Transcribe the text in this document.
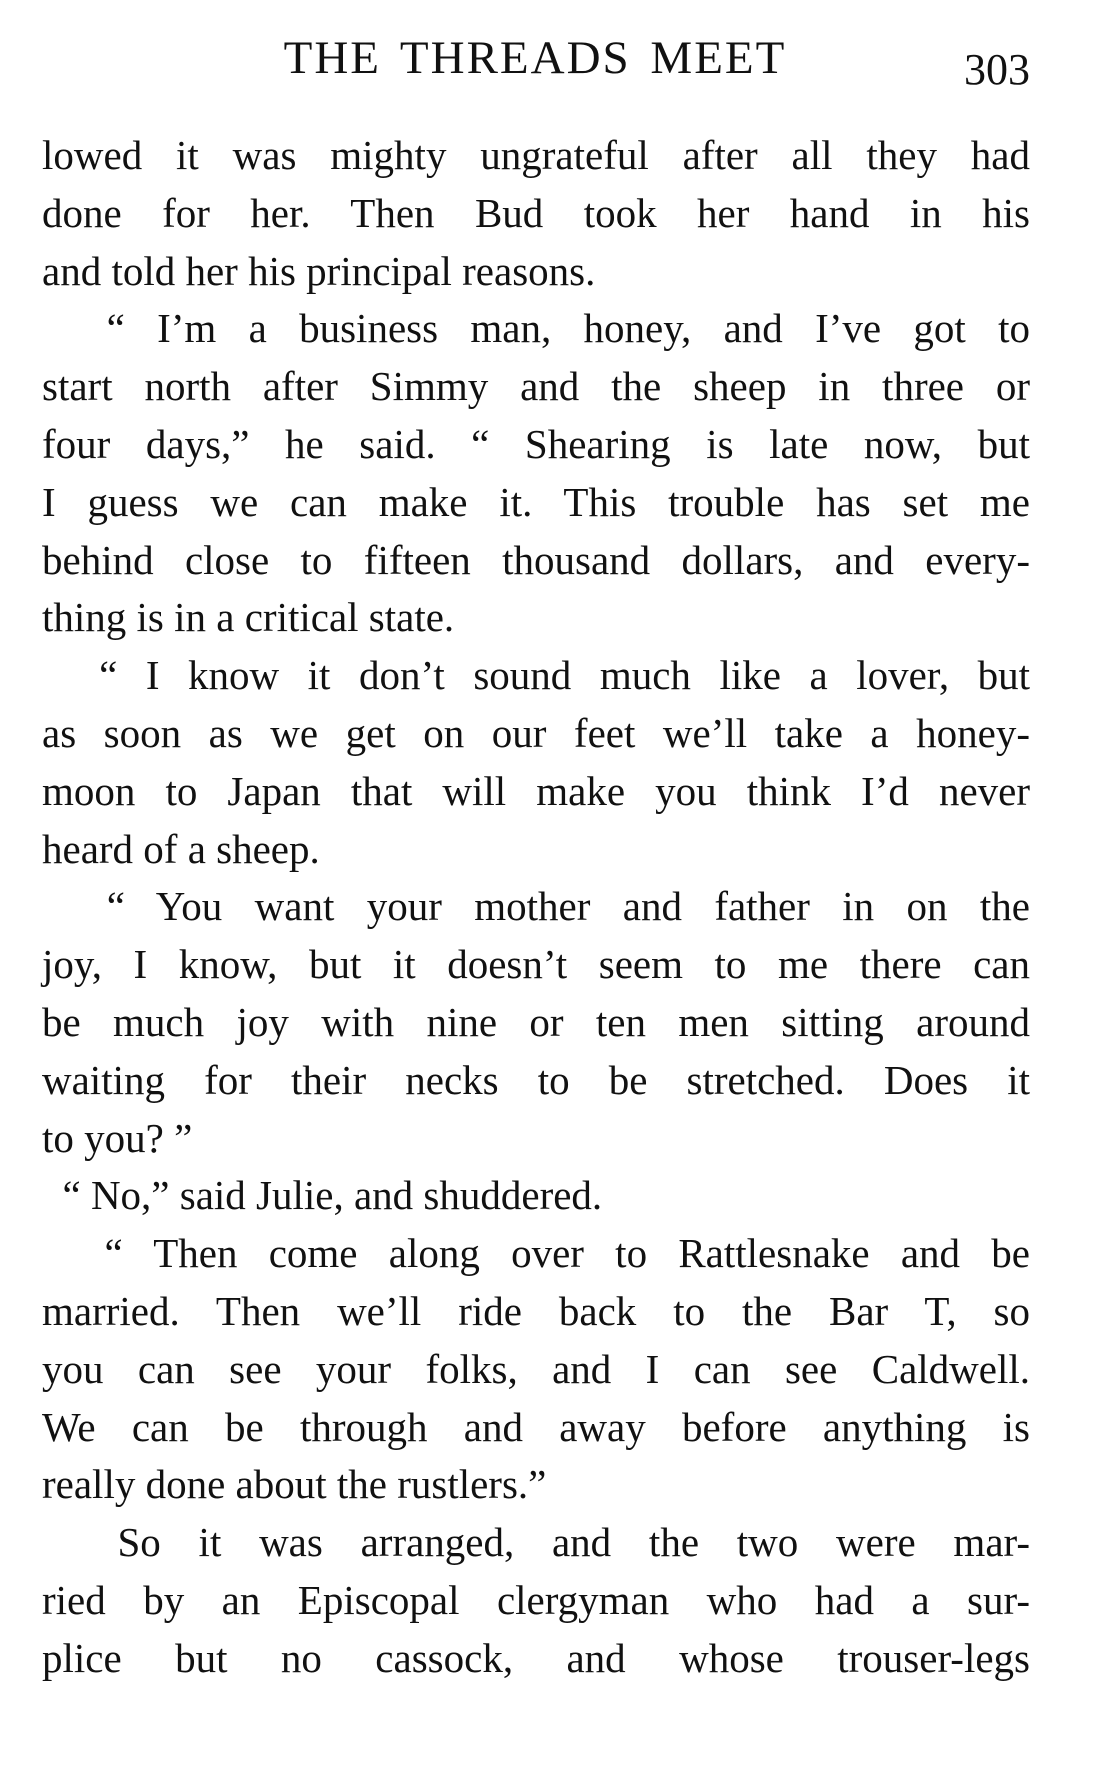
THE THREADS MEET	303
lowed it was mighty ungrateful after all they had
done for her. Then Bud took her hand in his
and told her his principal reasons.
“ I’m a business man, honey, and I’ve got to
start north after Simmy and the sheep in three or
four days,” he said. “ Shearing is late now, but
I guess we can make it. This trouble has set me
behind close to fifteen thousand dollars, and every-
thing is in a critical state.
“ I know it don’t sound much like a lover, but
as soon as we get on our feet we’ll take a honey-
moon to Japan that will make you think I’d never
heard of a sheep.
“ You want your mother and father in on the
joy, I know, but it doesn’t seem to me there can
be much joy with nine or ten men sitting around
waiting for their necks to be stretched. Does it
to you? ”
“ No,” said Julie, and shuddered.
“ Then come along over to Rattlesnake and be
married. Then we’ll ride back to the Bar T, so
you can see your folks, and I can see Caldwell.
We can be through and away before anything is
really done about the rustlers.”
So it was arranged, and the two were mar-
ried by an Episcopal clergyman who had a sur-
plice but no cassock, and whose trouser-legs
